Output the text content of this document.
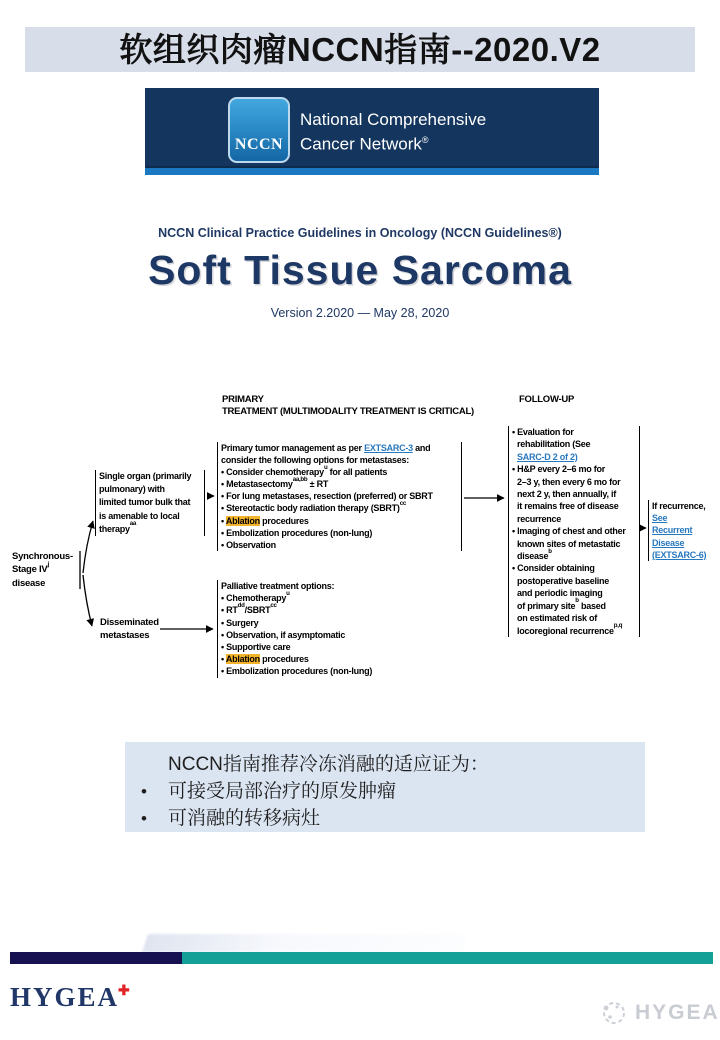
软组织肉瘤NCCN指南--2020.V2
NCCN
National Comprehensive
Cancer Network®
NCCN Clinical Practice Guidelines in Oncology (NCCN Guidelines®)
Soft Tissue Sarcoma
Version 2.2020 — May 28, 2020
PRIMARY
TREATMENT (MULTIMODALITY TREATMENT IS CRITICAL)
FOLLOW-UP
Synchronous-
Stage $IV^j$
disease
Single organ (primarily
pulmonary) with
limited tumor bulk that
is amenable to local
therapy$^{aa}$
Disseminated
metastases
Primary tumor management as per EXTSARC-3 and
consider the following options for metastases:
• Consider chemotherapy$^u$ for all patients
• Metastasectomy$^{aa,bb}$ ± RT
• For lung metastases, resection (preferred) or SBRT
• Stereotactic body radiation therapy (SBRT)$^{cc}$
• Ablation procedures
• Embolization procedures (non-lung)
• Observation
Palliative treatment options:
• Chemotherapy$^u$
• $RT^{dd}/SBRT^{cc}$
• Surgery
• Observation, if asymptomatic
• Supportive care
• Ablation procedures
• Embolization procedures (non-lung)
• Evaluation for
rehabilitation (See
SARC-D 2 of 2)
• H&P every 2–6 mo for
2–3 y, then every 6 mo for
next 2 y, then annually, if
it remains free of disease
recurrence
• Imaging of chest and other
known sites of metastatic
disease$^b$
• Consider obtaining
postoperative baseline
and periodic imaging
of primary site$^b$ based
on estimated risk of
locoregional recurrence$^{p,q}$
If recurrence,
See
Recurrent
Disease
(EXTSARC-6)
NCCN指南推荐冷冻消融的适应证为：
•	可接受局部治疗的原发肿瘤
•	可消融的转移病灶
HYGEA✚
HYGEA
